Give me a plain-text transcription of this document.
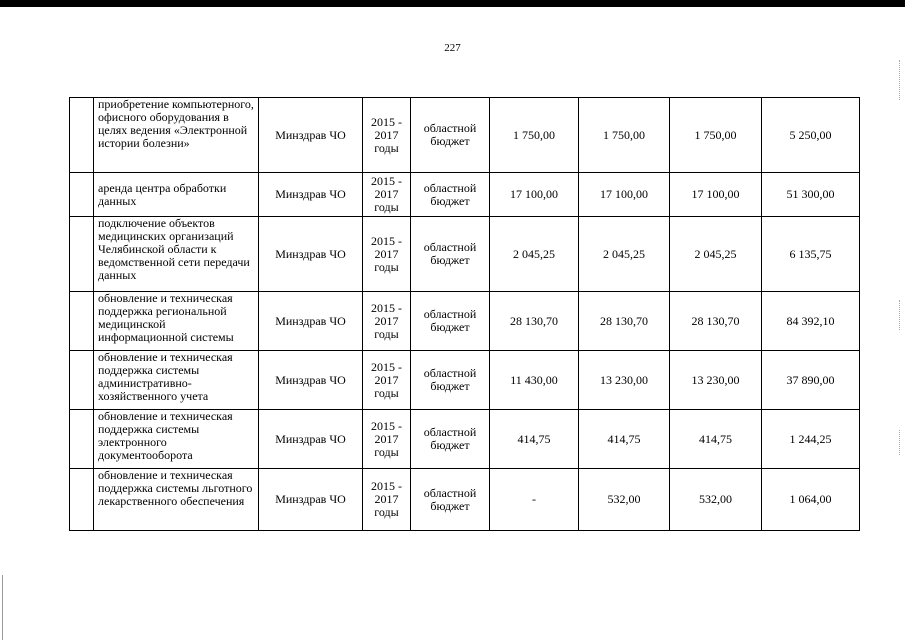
227
	приобретение компьютерного, офисного оборудования в целях ведения «Электронной истории болезни»	Минздрав ЧО	2015 - 2017 годы	областной бюджет	1 750,00	1 750,00	1 750,00	5 250,00
	аренда центра обработки данных	Минздрав ЧО	2015 - 2017 годы	областной бюджет	17 100,00	17 100,00	17 100,00	51 300,00
	подключение объектов медицинских организаций Челябинской области к ведомственной сети передачи данных	Минздрав ЧО	2015 - 2017 годы	областной бюджет	2 045,25	2 045,25	2 045,25	6 135,75
	обновление и техническая поддержка региональной медицинской информационной системы	Минздрав ЧО	2015 - 2017 годы	областной бюджет	28 130,70	28 130,70	28 130,70	84 392,10
	обновление и техническая поддержка системы административно-хозяйственного учета	Минздрав ЧО	2015 - 2017 годы	областной бюджет	11 430,00	13 230,00	13 230,00	37 890,00
	обновление и техническая поддержка системы электронного документооборота	Минздрав ЧО	2015 - 2017 годы	областной бюджет	414,75	414,75	414,75	1 244,25
	обновление и техническая поддержка системы льготного лекарственного обеспечения	Минздрав ЧО	2015 - 2017 годы	областной бюджет	-	532,00	532,00	1 064,00
